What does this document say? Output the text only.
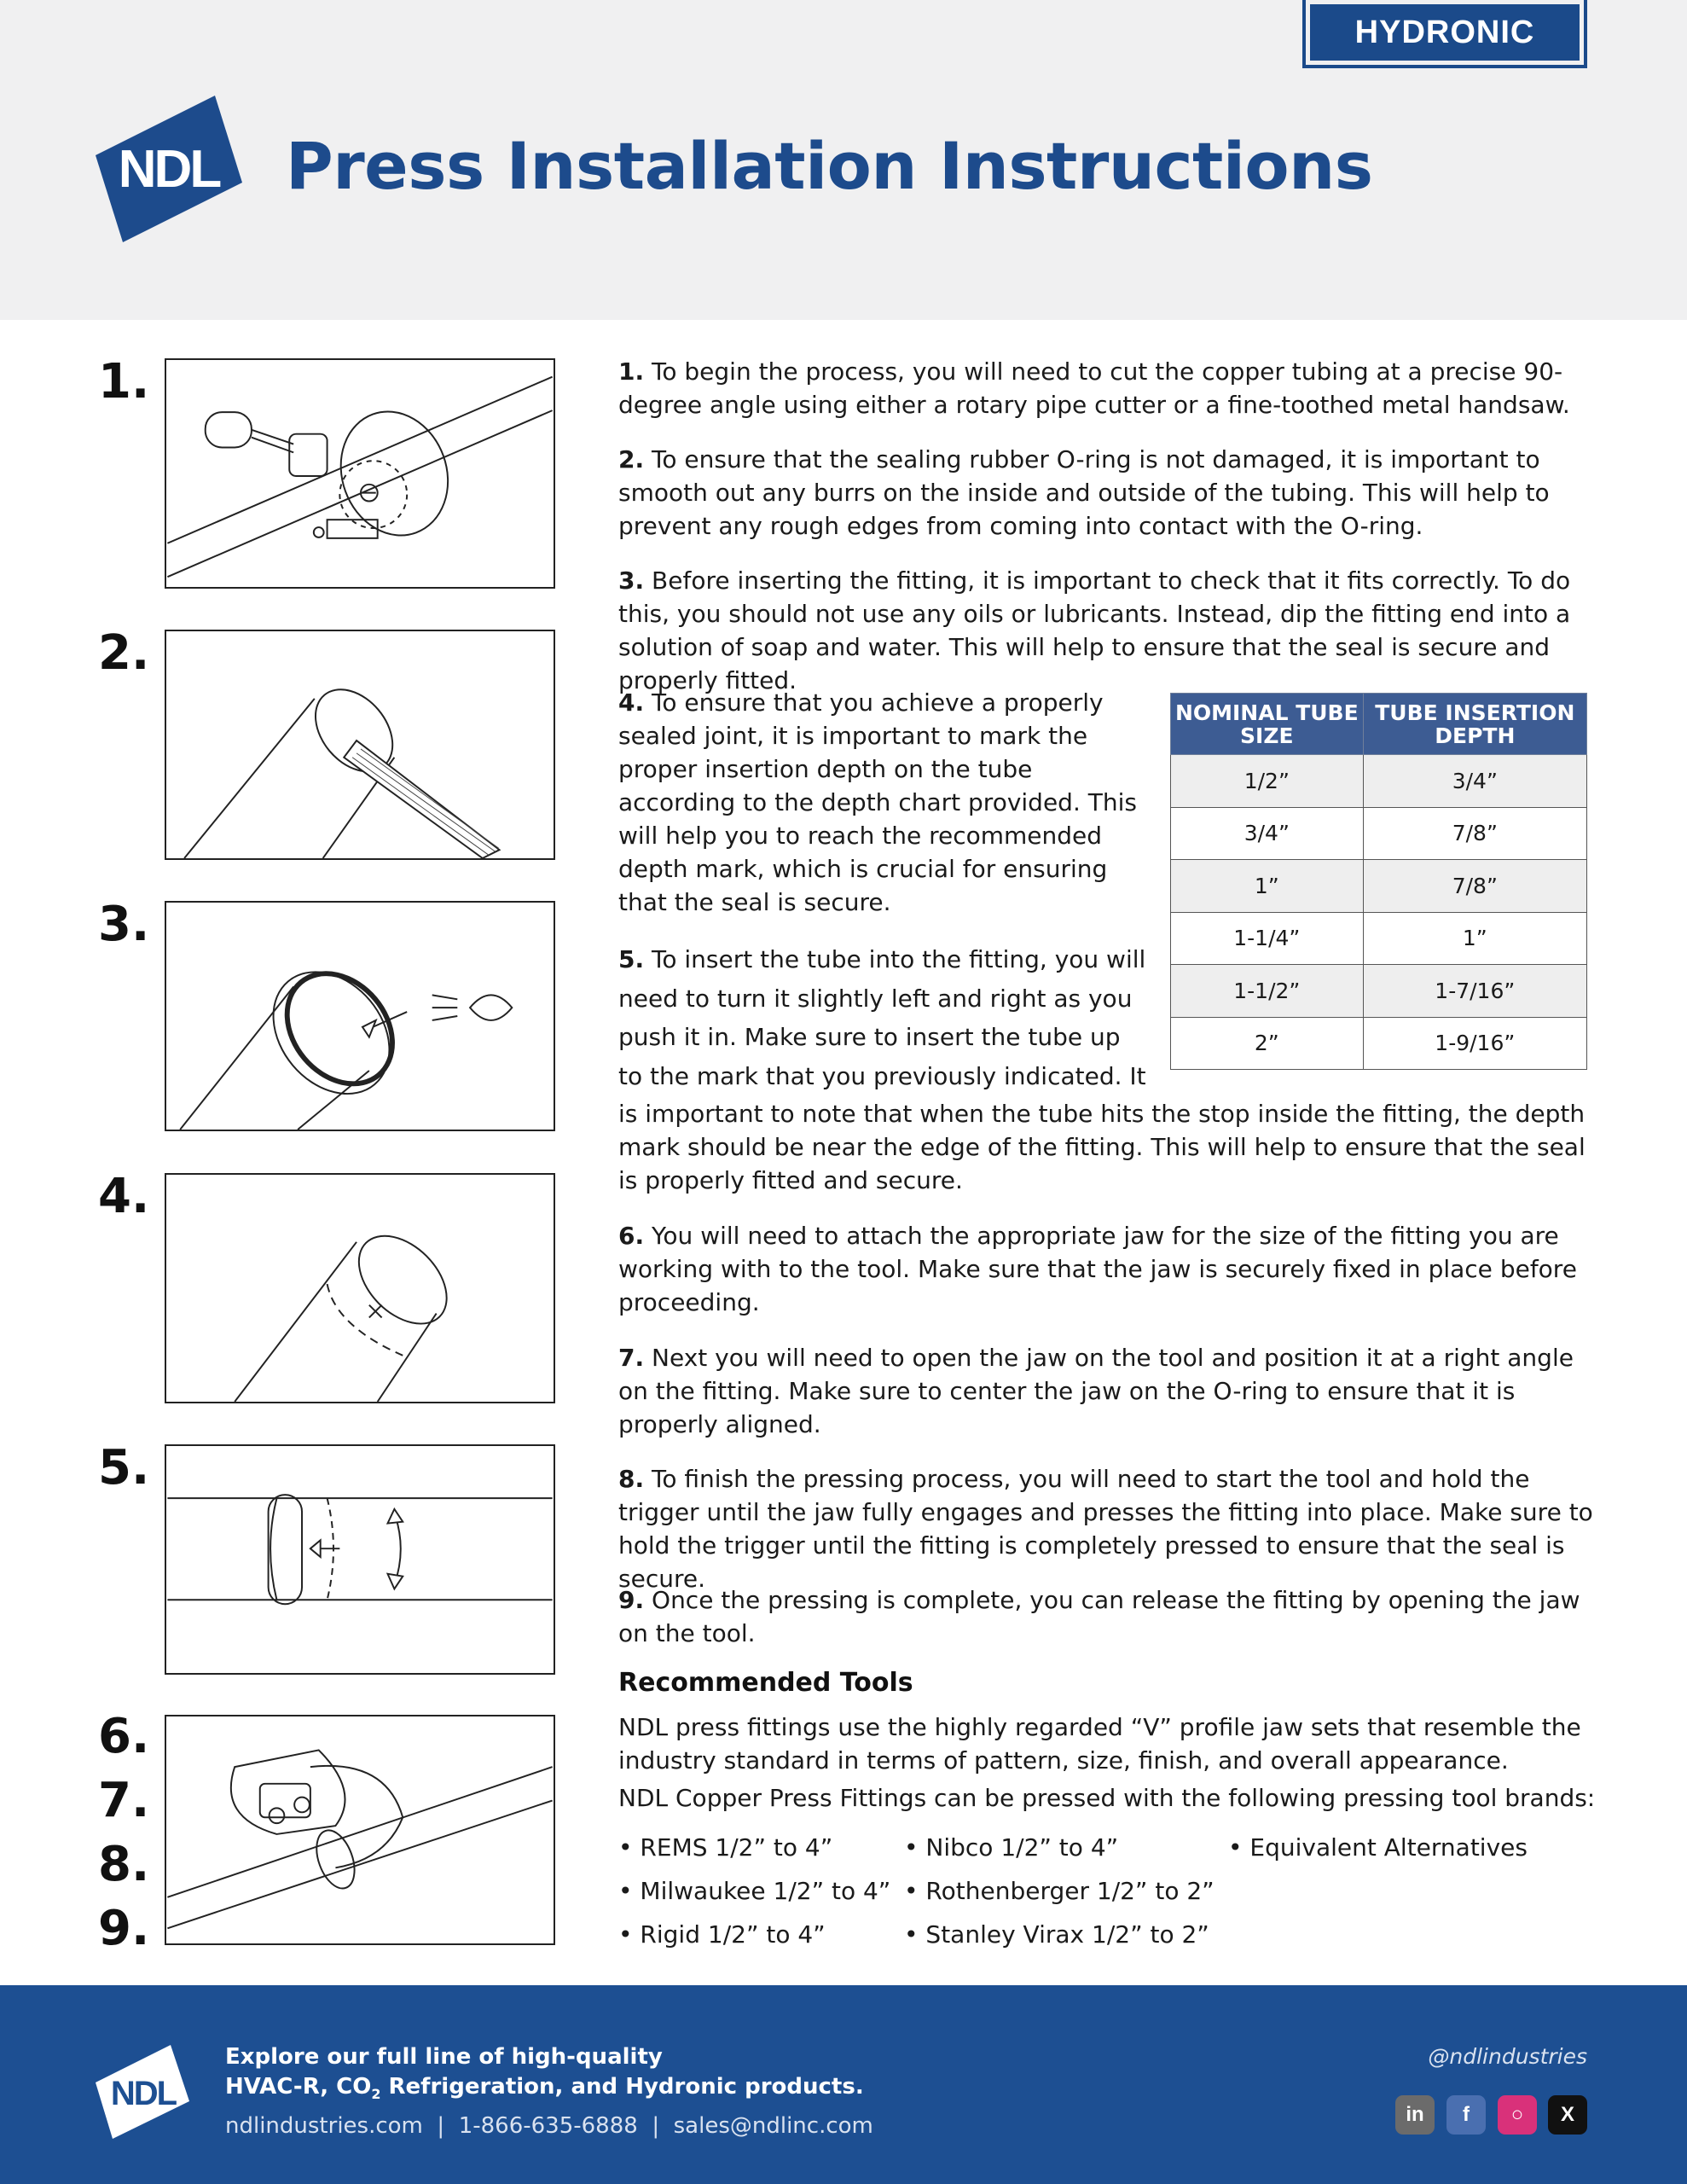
HYDRONIC
NDL Press Installation Instructions
1.
2.
3.
4.
5.
6.
7.
8.
9.

1. To begin the process, you will need to cut the copper tubing at a precise 90-degree angle using either a rotary pipe cutter or a fine-toothed metal handsaw.

2. To ensure that the sealing rubber O-ring is not damaged, it is important to smooth out any burrs on the inside and outside of the tubing. This will help to prevent any rough edges from coming into contact with the O-ring.

3. Before inserting the fitting, it is important to check that it fits correctly. To do this, you should not use any oils or lubricants. Instead, dip the fitting end into a solution of soap and water. This will help to ensure that the seal is secure and properly fitted.

4. To ensure that you achieve a properly sealed joint, it is important to mark the proper insertion depth on the tube according to the depth chart provided. This will help you to reach the recommended depth mark, which is crucial for ensuring that the seal is secure.

5. To insert the tube into the fitting, you will
need to turn it slightly left and right as you
push it in. Make sure to insert the tube up
to the mark that you previously indicated. It

is important to note that when the tube hits the stop inside the fitting, the depth mark should be near the edge of the fitting. This will help to ensure that the seal is properly fitted and secure.

6. You will need to attach the appropriate jaw for the size of the fitting you are working with to the tool. Make sure that the jaw is securely fixed in place before proceeding.

7. Next you will need to open the jaw on the tool and position it at a right angle on the fitting. Make sure to center the jaw on the O-ring to ensure that it is properly aligned.

8. To finish the pressing process, you will need to start the tool and hold the trigger until the jaw fully engages and presses the fitting into place. Make sure to hold the trigger until the fitting is completely pressed to ensure that the seal is secure.

9. Once the pressing is complete, you can release the fitting by opening the jaw on the tool.

NOMINAL TUBE SIZE	TUBE INSERTION DEPTH
1/2”	3/4”
3/4”	7/8”
1”	7/8”
1-1/4”	1”
1-1/2”	1-7/16”
2”	1-9/16”
Recommended Tools

NDL press fittings use the highly regarded “V” profile jaw sets that resemble the industry standard in terms of pattern, size, finish, and overall appearance.

NDL Copper Press Fittings can be pressed with the following pressing tool brands:

• REMS 1/2” to 4”
• Milwaukee 1/2” to 4”
• Rigid 1/2” to 4”
• Nibco 1/2” to 4”
• Rothenberger 1/2” to 2”
• Stanley Virax 1/2” to 2”
• Equivalent Alternatives
NDL
Explore our full line of high-quality
HVAC-R, $CO_2$ Refrigeration, and Hydronic products.
ndlindustries.com  |  1-866-635-6888  |  sales@ndlinc.com
@ndlindustries
in	f	○	X
